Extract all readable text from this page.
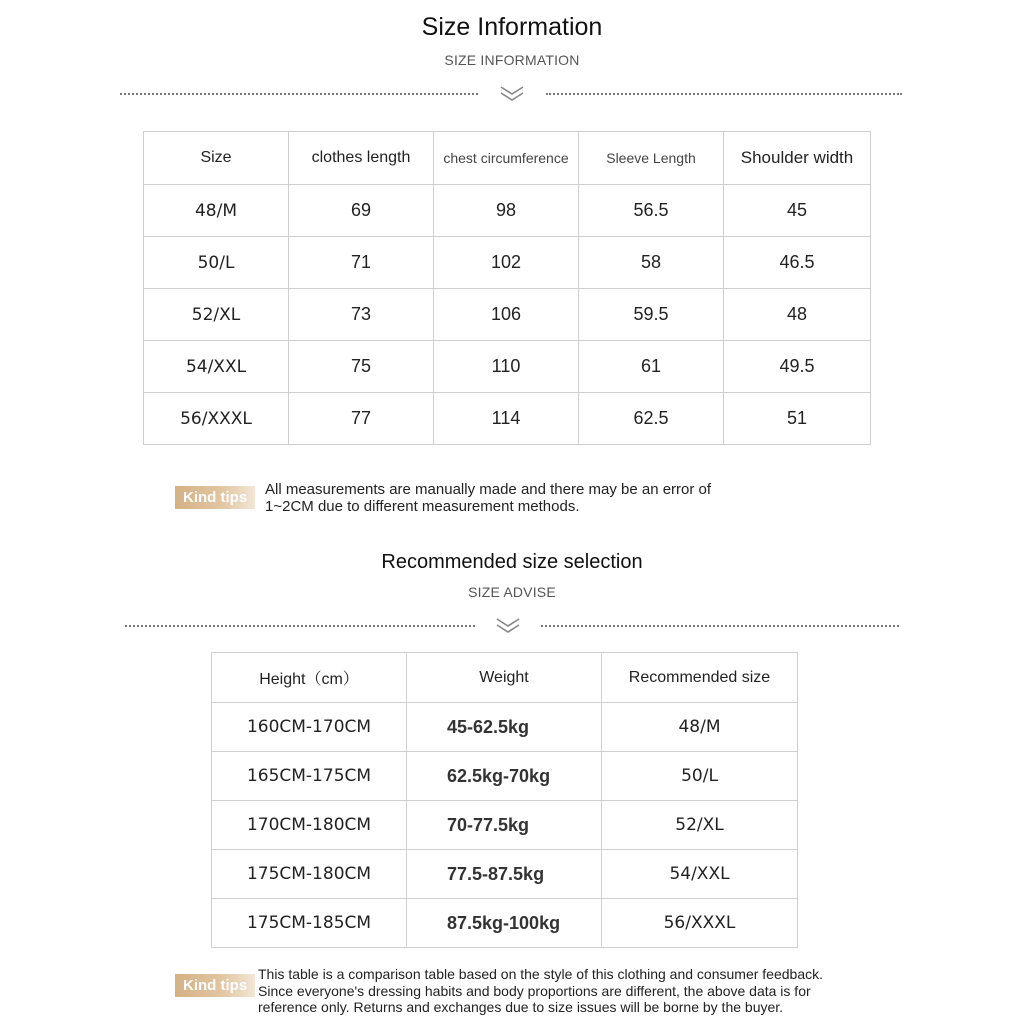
Size Information
SIZE INFORMATION
Size	clothes length	chest circumference	Sleeve Length	Shoulder width
48/M	69	98	56.5	45
50/L	71	102	58	46.5
52/XL	73	106	59.5	48
54/XXL	75	110	61	49.5
56/XXXL	77	114	62.5	51
Kind tips	All measurements are manually made and there may be an error of
1~2CM due to different measurement methods.
Recommended size selection
SIZE ADVISE
Height（cm）	Weight	Recommended size
160CM-170CM	45-62.5kg	48/M
165CM-175CM	62.5kg-70kg	50/L
170CM-180CM	70-77.5kg	52/XL
175CM-180CM	77.5-87.5kg	54/XXL
175CM-185CM	87.5kg-100kg	56/XXXL
Kind tips
This table is a comparison table based on the style of this clothing and consumer feedback.
Since everyone's dressing habits and body proportions are different, the above data is for
reference only. Returns and exchanges due to size issues will be borne by the buyer.
